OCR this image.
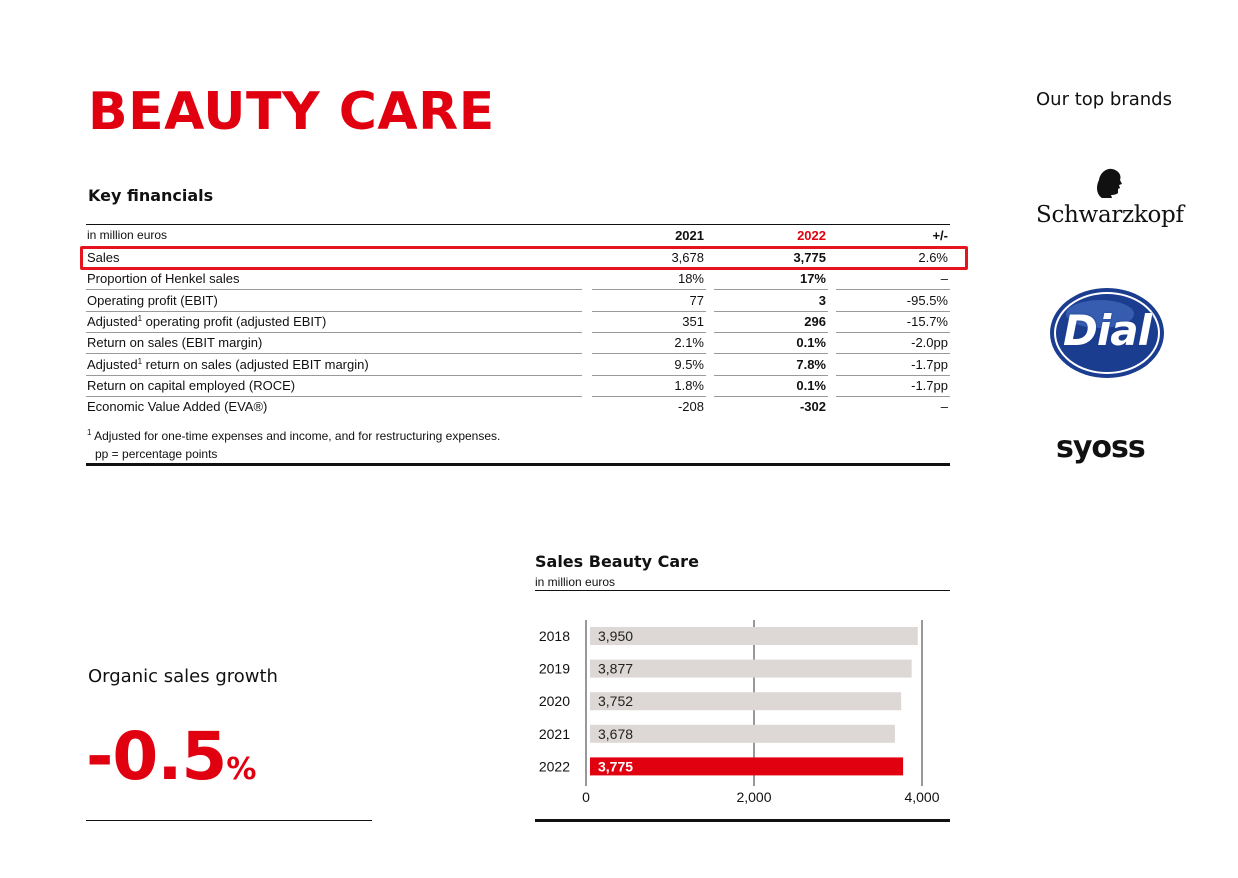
BEAUTY CARE	Our top brands
Key financials
in million euros	2021	2022	+/-
Sales	3,678	3,775	2.6%
Proportion of Henkel sales	18%	17%	–
Operating profit (EBIT)	77	3	-95.5%
Adjusted$^1$ operating profit (adjusted EBIT)	351	296	-15.7%
Return on sales (EBIT margin)	2.1%	0.1%	-2.0pp
Adjusted$^1$ return on sales (adjusted EBIT margin)	9.5%	7.8%	-1.7pp
Return on capital employed (ROCE)	1.8%	0.1%	-1.7pp
Economic Value Added (EVA®)	-208	-302	–
$^1$ Adjusted for one-time expenses and income, and for restructuring expenses.
pp = percentage points
Schwarzkopf
Dial
syoss
Organic sales growth
-0.5%
Sales Beauty Care
in million euros
2018 3,950
2019 3,877
2020 3,752
2021 3,678
2022 3,775
0	2,000	4,000
